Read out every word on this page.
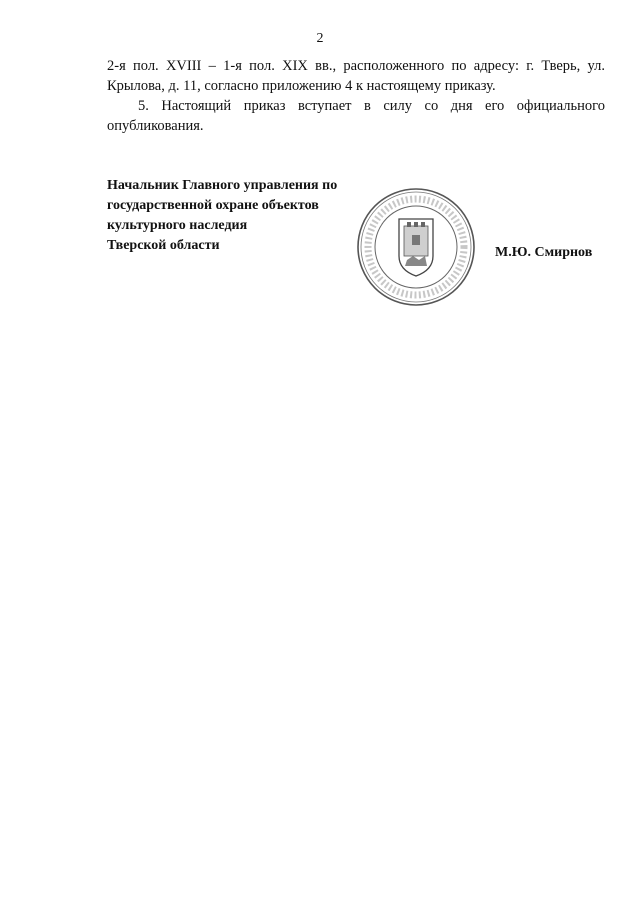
2

2-я пол. XVIII – 1-я пол. XIX вв., расположенного по адресу: г. Тверь, ул. Крылова, д. 11, согласно приложению 4 к настоящему приказу.

5. Настоящий приказ вступает в силу со дня его официального опубликования.

Начальник Главного управления по
государственной охране объектов
культурного наследия
Тверской области	М.Ю. Смирнов
